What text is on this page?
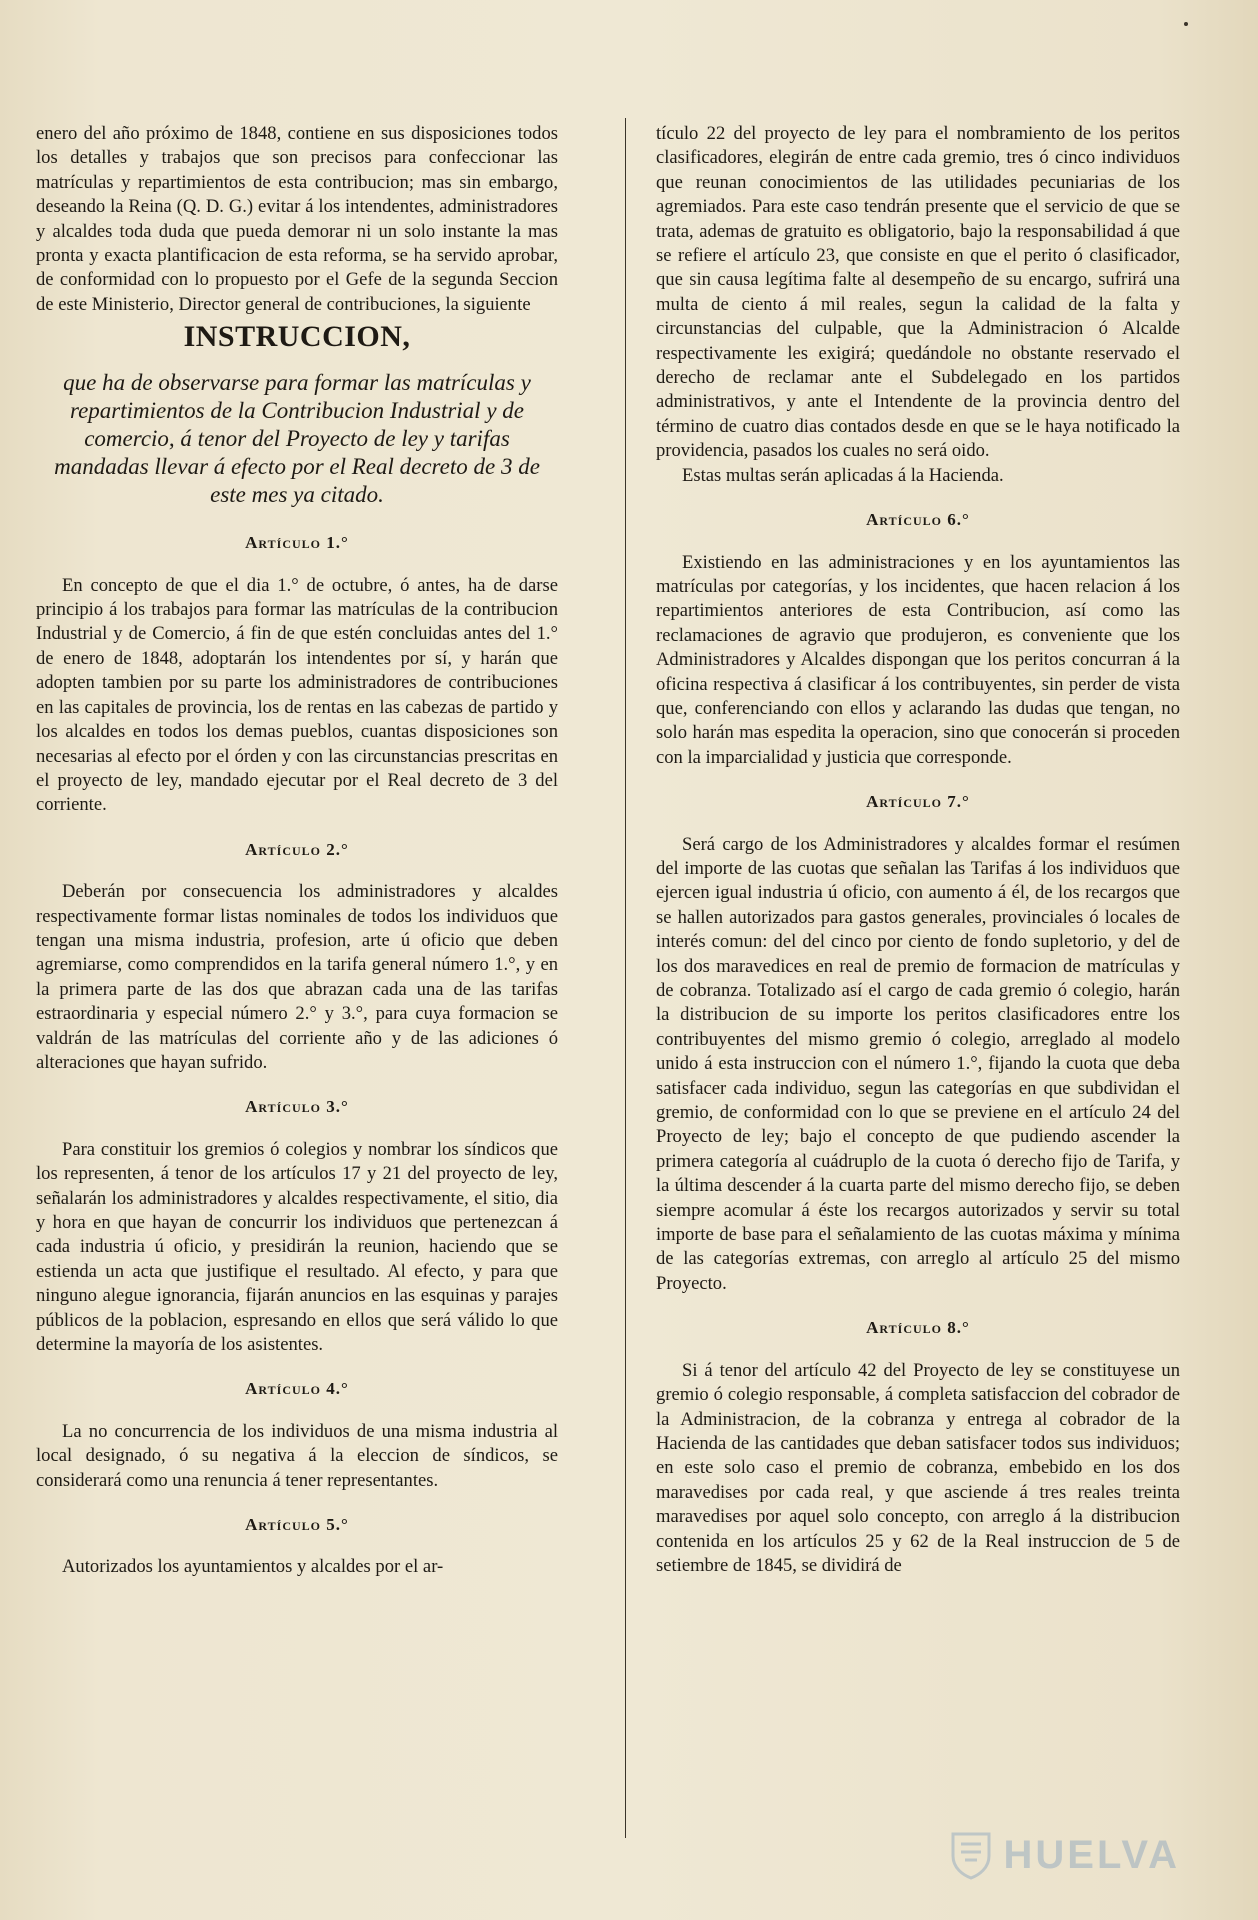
enero del año próximo de 1848, contiene en sus disposiciones todos los detalles y trabajos que son precisos para confeccionar las matrículas y repartimientos de esta contribucion; mas sin embargo, deseando la Reina (Q. D. G.) evitar á los intendentes, administradores y alcaldes toda duda que pueda demorar ni un solo instante la mas pronta y exacta plantificacion de esta reforma, se ha servido aprobar, de conformidad con lo propuesto por el Gefe de la segunda Seccion de este Ministerio, Director general de contribuciones, la siguiente

INSTRUCCION,
que ha de observarse para formar las matrículas y repartimientos de la Contribucion Industrial y de comercio, á tenor del Proyecto de ley y tarifas mandadas llevar á efecto por el Real decreto de 3 de este mes ya citado.
Artículo 1.°

En concepto de que el dia 1.° de octubre, ó antes, ha de darse principio á los trabajos para formar las matrículas de la contribucion Industrial y de Comercio, á fin de que estén concluidas antes del 1.° de enero de 1848, adoptarán los intendentes por sí, y harán que adopten tambien por su parte los administradores de contribuciones en las capitales de provincia, los de rentas en las cabezas de partido y los alcaldes en todos los demas pueblos, cuantas disposiciones son necesarias al efecto por el órden y con las circunstancias prescritas en el proyecto de ley, mandado ejecutar por el Real decreto de 3 del corriente.

Artículo 2.°

Deberán por consecuencia los administradores y alcaldes respectivamente formar listas nominales de todos los individuos que tengan una misma industria, profesion, arte ú oficio que deben agremiarse, como comprendidos en la tarifa general número 1.°, y en la primera parte de las dos que abrazan cada una de las tarifas estraordinaria y especial número 2.° y 3.°, para cuya formacion se valdrán de las matrículas del corriente año y de las adiciones ó alteraciones que hayan sufrido.

Artículo 3.°

Para constituir los gremios ó colegios y nombrar los síndicos que los representen, á tenor de los artículos 17 y 21 del proyecto de ley, señalarán los administradores y alcaldes respectivamente, el sitio, dia y hora en que hayan de concurrir los individuos que pertenezcan á cada industria ú oficio, y presidirán la reunion, haciendo que se estienda un acta que justifique el resultado. Al efecto, y para que ninguno alegue ignorancia, fijarán anuncios en las esquinas y parajes públicos de la poblacion, espresando en ellos que será válido lo que determine la mayoría de los asistentes.

Artículo 4.°

La no concurrencia de los individuos de una misma industria al local designado, ó su negativa á la eleccion de síndicos, se considerará como una renuncia á tener representantes.

Artículo 5.°

Autorizados los ayuntamientos y alcaldes por el ar-

tículo 22 del proyecto de ley para el nombramiento de los peritos clasificadores, elegirán de entre cada gremio, tres ó cinco individuos que reunan conocimientos de las utilidades pecuniarias de los agremiados. Para este caso tendrán presente que el servicio de que se trata, ademas de gratuito es obligatorio, bajo la responsabilidad á que se refiere el artículo 23, que consiste en que el perito ó clasificador, que sin causa legítima falte al desempeño de su encargo, sufrirá una multa de ciento á mil reales, segun la calidad de la falta y circunstancias del culpable, que la Administracion ó Alcalde respectivamente les exigirá; quedándole no obstante reservado el derecho de reclamar ante el Subdelegado en los partidos administrativos, y ante el Intendente de la provincia dentro del término de cuatro dias contados desde en que se le haya notificado la providencia, pasados los cuales no será oido.

Estas multas serán aplicadas á la Hacienda.

Artículo 6.°

Existiendo en las administraciones y en los ayuntamientos las matrículas por categorías, y los incidentes, que hacen relacion á los repartimientos anteriores de esta Contribucion, así como las reclamaciones de agravio que produjeron, es conveniente que los Administradores y Alcaldes dispongan que los peritos concurran á la oficina respectiva á clasificar á los contribuyentes, sin perder de vista que, conferenciando con ellos y aclarando las dudas que tengan, no solo harán mas espedita la operacion, sino que conocerán si proceden con la imparcialidad y justicia que corresponde.

Artículo 7.°

Será cargo de los Administradores y alcaldes formar el resúmen del importe de las cuotas que señalan las Tarifas á los individuos que ejercen igual industria ú oficio, con aumento á él, de los recargos que se hallen autorizados para gastos generales, provinciales ó locales de interés comun: del del cinco por ciento de fondo supletorio, y del de los dos maravedices en real de premio de formacion de matrículas y de cobranza. Totalizado así el cargo de cada gremio ó colegio, harán la distribucion de su importe los peritos clasificadores entre los contribuyentes del mismo gremio ó colegio, arreglado al modelo unido á esta instruccion con el número 1.°, fijando la cuota que deba satisfacer cada individuo, segun las categorías en que subdividan el gremio, de conformidad con lo que se previene en el artículo 24 del Proyecto de ley; bajo el concepto de que pudiendo ascender la primera categoría al cuádruplo de la cuota ó derecho fijo de Tarifa, y la última descender á la cuarta parte del mismo derecho fijo, se deben siempre acomular á éste los recargos autorizados y servir su total importe de base para el señalamiento de las cuotas máxima y mínima de las categorías extremas, con arreglo al artículo 25 del mismo Proyecto.

Artículo 8.°

Si á tenor del artículo 42 del Proyecto de ley se constituyese un gremio ó colegio responsable, á completa satisfaccion del cobrador de la Administracion, de la cobranza y entrega al cobrador de la Hacienda de las cantidades que deban satisfacer todos sus individuos; en este solo caso el premio de cobranza, embebido en los dos maravedises por cada real, y que asciende á tres reales treinta maravedises por aquel solo concepto, con arreglo á la distribucion contenida en los artículos 25 y 62 de la Real instruccion de 5 de setiembre de 1845, se dividirá de

HUELVA
